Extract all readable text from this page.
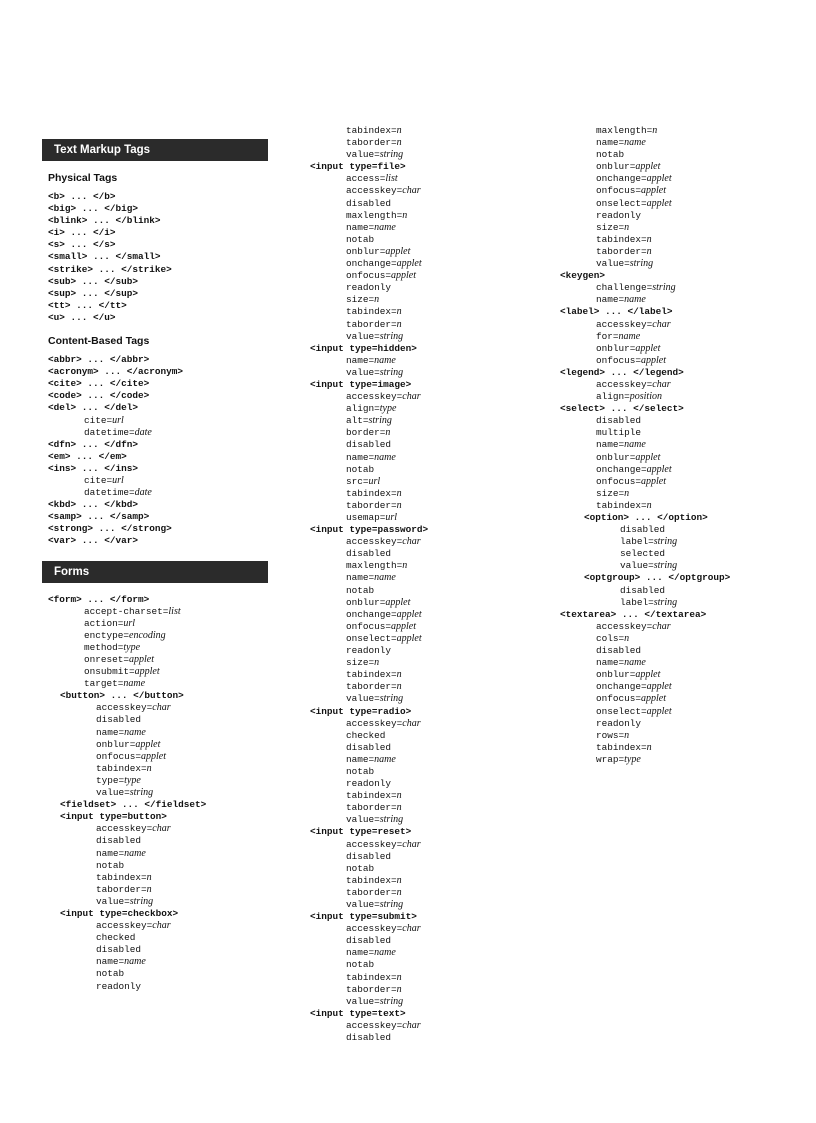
Text Markup Tags
Physical Tags
<b> ... </b>
<big> ... </big>
<blink> ... </blink>
<i> ... </i>
<s> ... </s>
<small> ... </small>
<strike> ... </strike>
<sub> ... </sub>
<sup> ... </sup>
<tt> ... </tt>
<u> ... </u>
Content-Based Tags
<abbr> ... </abbr>
<acronym> ... </acronym>
<cite> ... </cite>
<code> ... </code>
<del> ... </del>
cite=url
datetime=date
<dfn> ... </dfn>
<em> ... </em>
<ins> ... </ins>
cite=url
datetime=date
<kbd> ... </kbd>
<samp> ... </samp>
<strong> ... </strong>
<var> ... </var>
Forms
<form> ... </form>
accept-charset=list
action=url
enctype=encoding
method=type
onreset=applet
onsubmit=applet
target=name
<button> ... </button>
accesskey=char
disabled
name=name
onblur=applet
onfocus=applet
tabindex=n
type=type
value=string
<fieldset> ... </fieldset>
<input type=button>
accesskey=char
disabled
name=name
notab
tabindex=n
taborder=n
value=string
<input type=checkbox>
accesskey=char
checked
disabled
name=name
notab
readonly
tabindex=n
taborder=n
value=string
<input type=file>
access=list
accesskey=char
disabled
maxlength=n
name=name
notab
onblur=applet
onchange=applet
onfocus=applet
readonly
size=n
tabindex=n
taborder=n
value=string
<input type=hidden>
name=name
value=string
<input type=image>
accesskey=char
align=type
alt=string
border=n
disabled
name=name
notab
src=url
tabindex=n
taborder=n
usemap=url
<input type=password>
accesskey=char
disabled
maxlength=n
name=name
notab
onblur=applet
onchange=applet
onfocus=applet
onselect=applet
readonly
size=n
tabindex=n
taborder=n
value=string
<input type=radio>
accesskey=char
checked
disabled
name=name
notab
readonly
tabindex=n
taborder=n
value=string
<input type=reset>
accesskey=char
disabled
notab
tabindex=n
taborder=n
value=string
<input type=submit>
accesskey=char
disabled
name=name
notab
tabindex=n
taborder=n
value=string
<input type=text>
accesskey=char
disabled
maxlength=n
name=name
notab
onblur=applet
onchange=applet
onfocus=applet
onselect=applet
readonly
size=n
tabindex=n
taborder=n
value=string
<keygen>
challenge=string
name=name
<label> ... </label>
accesskey=char
for=name
onblur=applet
onfocus=applet
<legend> ... </legend>
accesskey=char
align=position
<select> ... </select>
disabled
multiple
name=name
onblur=applet
onchange=applet
onfocus=applet
size=n
tabindex=n
<option> ... </option>
disabled
label=string
selected
value=string
<optgroup> ... </optgroup>
disabled
label=string
<textarea> ... </textarea>
accesskey=char
cols=n
disabled
name=name
onblur=applet
onchange=applet
onfocus=applet
onselect=applet
readonly
rows=n
tabindex=n
wrap=type
